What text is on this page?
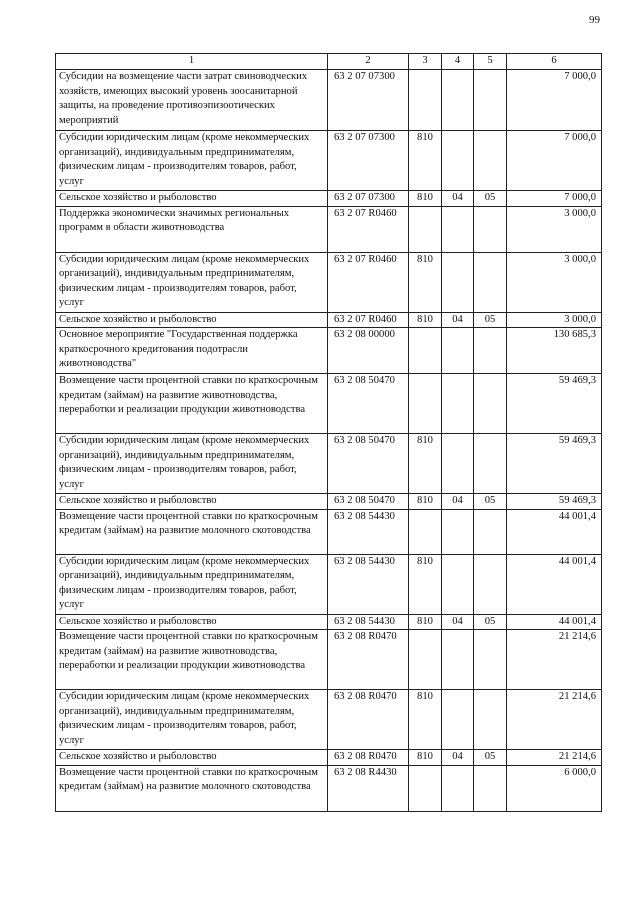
99
1	2	3	4	5	6
Субсидии на возмещение части затрат свиноводческих хозяйств, имеющих высокий уровень зоосанитарной защиты, на проведение противоэпизоотических мероприятий	63 2 07 07300				7 000,0
Субсидии юридическим лицам (кроме некоммерческих организаций), индивидуальным предпринимателям, физическим лицам - производителям товаров, работ, услуг	63 2 07 07300	810			7 000,0
Сельское хозяйство и рыболовство	63 2 07 07300	810	04	05	7 000,0
Поддержка экономически значимых региональных программ в области животноводства	63 2 07 R0460				3 000,0
Субсидии юридическим лицам (кроме некоммерческих организаций), индивидуальным предпринимателям, физическим лицам - производителям товаров, работ, услуг	63 2 07 R0460	810			3 000,0
Сельское хозяйство и рыболовство	63 2 07 R0460	810	04	05	3 000,0
Основное мероприятие "Государственная поддержка краткосрочного кредитования подотрасли животноводства"	63 2 08 00000				130 685,3
Возмещение части процентной ставки по краткосрочным кредитам (займам) на развитие животноводства, переработки и реализации продукции животноводства	63 2 08 50470				59 469,3
Субсидии юридическим лицам (кроме некоммерческих организаций), индивидуальным предпринимателям, физическим лицам - производителям товаров, работ, услуг	63 2 08 50470	810			59 469,3
Сельское хозяйство и рыболовство	63 2 08 50470	810	04	05	59 469,3
Возмещение части процентной ставки по краткосрочным кредитам (займам) на развитие молочного скотоводства	63 2 08 54430				44 001,4
Субсидии юридическим лицам (кроме некоммерческих организаций), индивидуальным предпринимателям, физическим лицам - производителям товаров, работ, услуг	63 2 08 54430	810			44 001,4
Сельское хозяйство и рыболовство	63 2 08 54430	810	04	05	44 001,4
Возмещение части процентной ставки по краткосрочным кредитам (займам) на развитие животноводства, переработки и реализации продукции животноводства	63 2 08 R0470				21 214,6
Субсидии юридическим лицам (кроме некоммерческих организаций), индивидуальным предпринимателям, физическим лицам - производителям товаров, работ, услуг	63 2 08 R0470	810			21 214,6
Сельское хозяйство и рыболовство	63 2 08 R0470	810	04	05	21 214,6
Возмещение части процентной ставки по краткосрочным кредитам (займам) на развитие молочного скотоводства	63 2 08 R4430				6 000,0
